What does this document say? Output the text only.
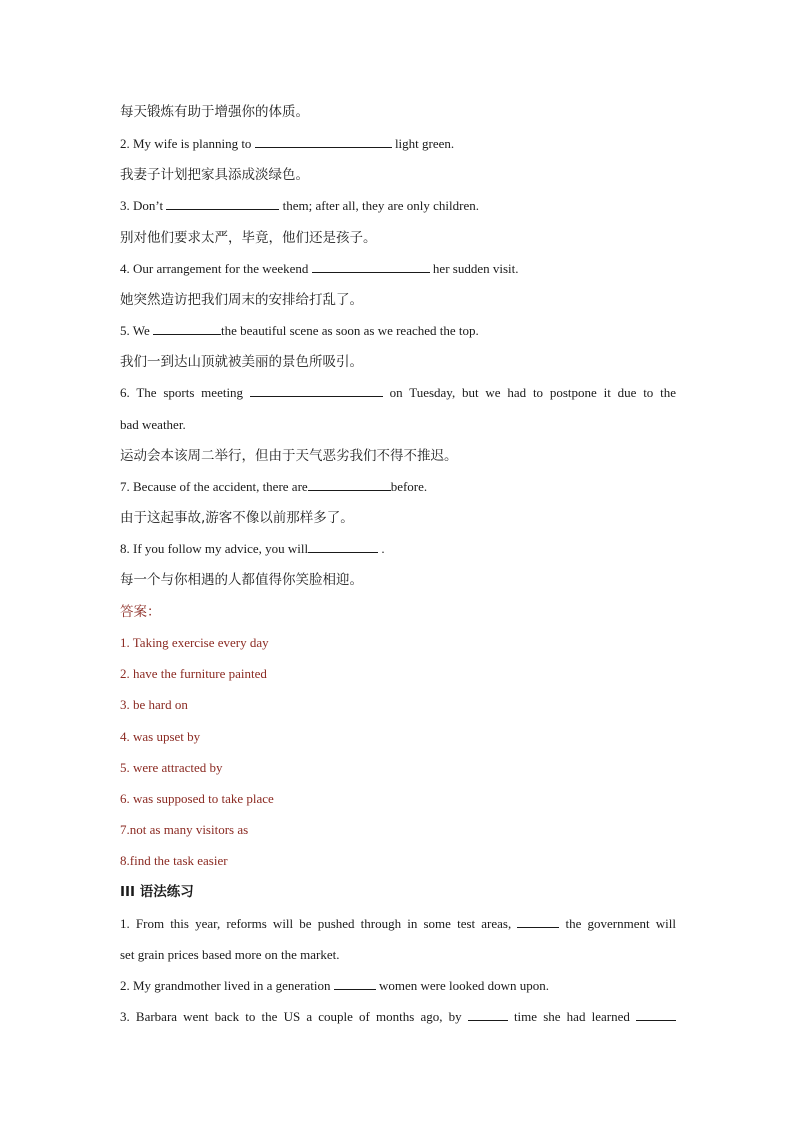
每天锻炼有助于增强你的体质。
2. My wife is planning to	light green.
我妻子计划把家具添成淡绿色。
3. Don’t	them; after all, they are only children.
别对他们要求太严，毕竟，他们还是孩子。
4. Our arrangement for the weekend	her sudden visit.
她突然造访把我们周末的安排给打乱了。
5. We	the beautiful scene as soon as we reached the top.
我们一到达山顶就被美丽的景色所吸引。
6. The sports meeting	on Tuesday, but we had to postpone it due to the
bad weather.
运动会本该周二举行，但由于天气恶劣我们不得不推迟。
7. Because of the accident, there are	before.
由于这起事故,游客不像以前那样多了。
8. If you follow my advice, you will	.
每一个与你相遇的人都值得你笑脸相迎。
答案：
1. Taking exercise every day
2. have the furniture painted
3. be hard on
4. was upset by
5. were attracted by
6. was supposed to take place
7.not as many visitors as
8.find the task easier
III 语法练习
1. From this year, reforms will be pushed through in some test areas,	the government will
set grain prices based more on the market.
2. My grandmother lived in a generation	women were looked down upon.
3. Barbara went back to the US a couple of months ago, by	time she had learned
